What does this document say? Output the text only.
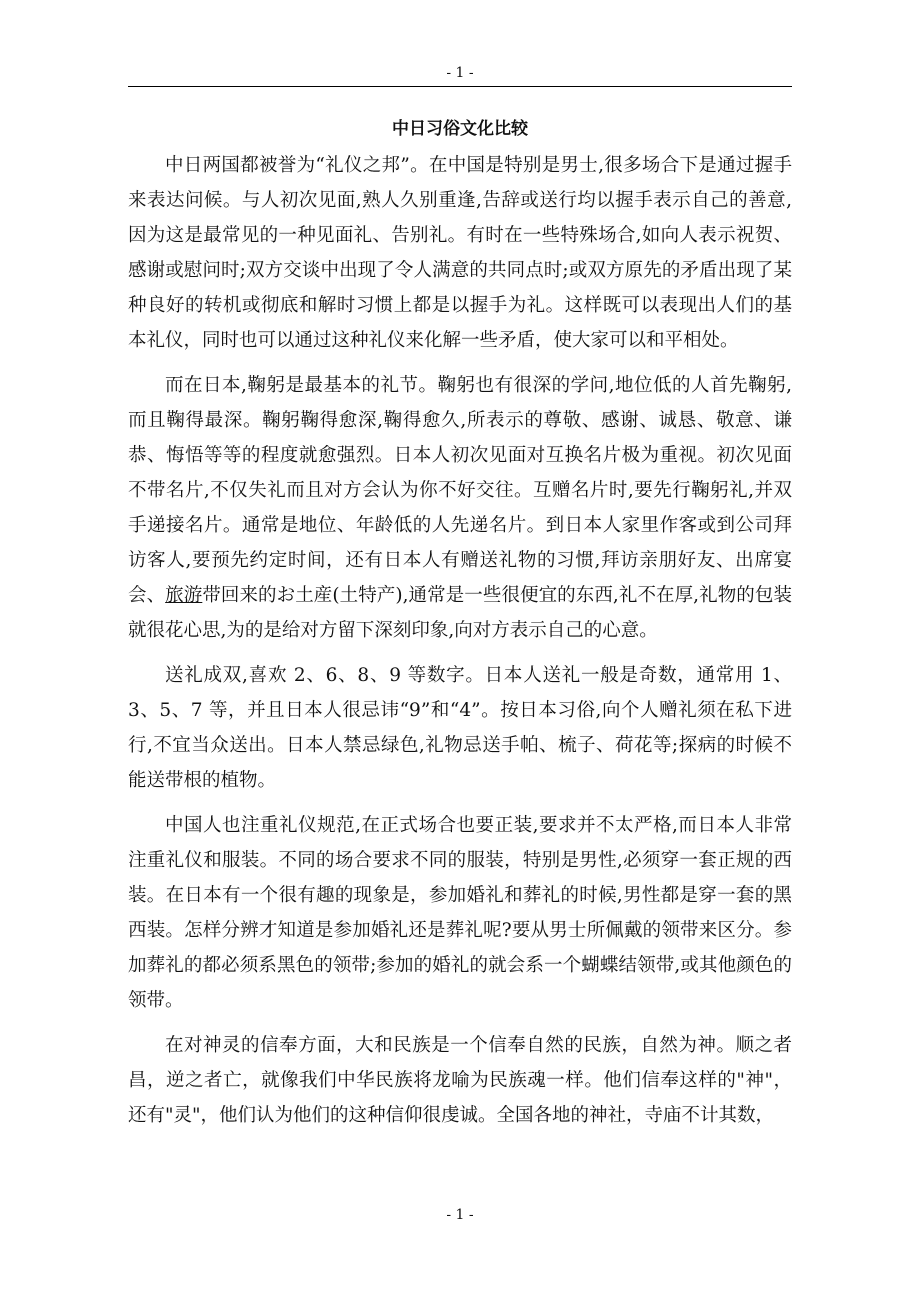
- 1 -
中日习俗文化比较

中日两国都被誉为“礼仪之邦”。在中国是特别是男士,很多场合下是通过握手来表达问候。与人初次见面,熟人久别重逢,告辞或送行均以握手表示自己的善意,因为这是最常见的一种见面礼、告别礼。有时在一些特殊场合,如向人表示祝贺、感谢或慰问时;双方交谈中出现了令人满意的共同点时;或双方原先的矛盾出现了某种良好的转机或彻底和解时习惯上都是以握手为礼。这样既可以表现出人们的基本礼仪，同时也可以通过这种礼仪来化解一些矛盾，使大家可以和平相处。

而在日本,鞠躬是最基本的礼节。鞠躬也有很深的学问,地位低的人首先鞠躬,而且鞠得最深。鞠躬鞠得愈深,鞠得愈久,所表示的尊敬、感谢、诚恳、敬意、谦恭、悔悟等等的程度就愈强烈。日本人初次见面对互换名片极为重视。初次见面不带名片,不仅失礼而且对方会认为你不好交往。互赠名片时,要先行鞠躬礼,并双手递接名片。通常是地位、年龄低的人先递名片。到日本人家里作客或到公司拜访客人,要预先约定时间，还有日本人有赠送礼物的习惯,拜访亲朋好友、出席宴会、旅游带回来的お土産(土特产),通常是一些很便宜的东西,礼不在厚,礼物的包装就很花心思,为的是给对方留下深刻印象,向对方表示自己的心意。

送礼成双,喜欢 2、6、8、9 等数字。日本人送礼一般是奇数，通常用 1、3、5、7 等，并且日本人很忌讳“9”和“4”。按日本习俗,向个人赠礼须在私下进行,不宜当众送出。日本人禁忌绿色,礼物忌送手帕、梳子、荷花等;探病的时候不能送带根的植物。

中国人也注重礼仪规范,在正式场合也要正装,要求并不太严格,而日本人非常注重礼仪和服装。不同的场合要求不同的服装，特别是男性,必须穿一套正规的西装。在日本有一个很有趣的现象是，参加婚礼和葬礼的时候,男性都是穿一套的黑西装。怎样分辨才知道是参加婚礼还是葬礼呢?要从男士所佩戴的领带来区分。参加葬礼的都必须系黑色的领带;参加的婚礼的就会系一个蝴蝶结领带,或其他颜色的领带。

在对神灵的信奉方面，大和民族是一个信奉自然的民族，自然为神。顺之者昌，逆之者亡，就像我们中华民族将龙喻为民族魂一样。他们信奉这样的"神"，还有"灵"，他们认为他们的这种信仰很虔诚。全国各地的神社，寺庙不计其数，

- 1 -
